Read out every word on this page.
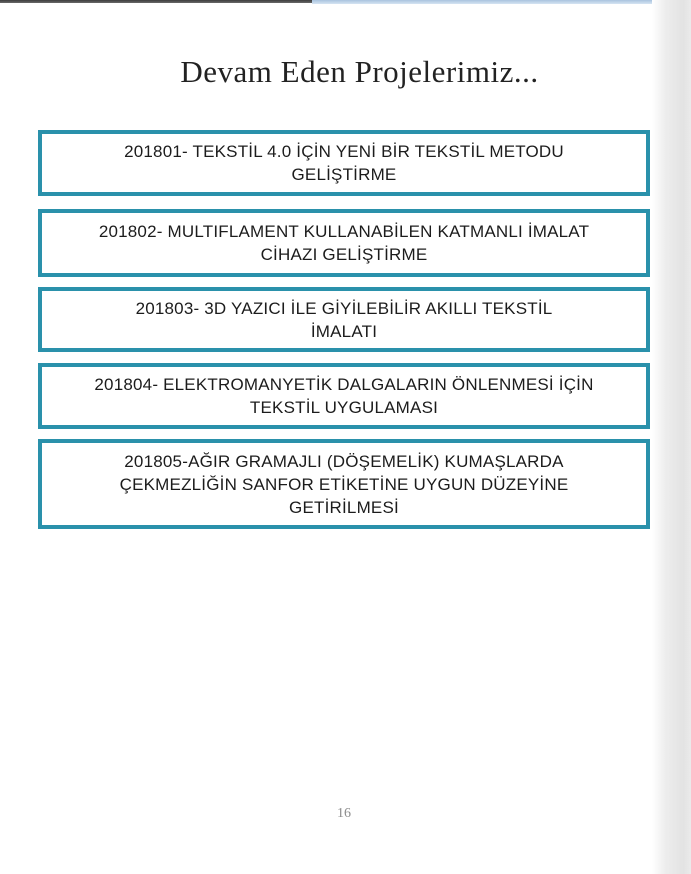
Devam Eden Projelerimiz...
201801- TEKSTİL 4.0 İÇİN YENİ BİR TEKSTİL METODU
GELİŞTİRME
201802- MULTIFLAMENT KULLANABİLEN KATMANLI İMALAT
CİHAZI GELİŞTİRME
201803- 3D YAZICI İLE GİYİLEBİLİR AKILLI TEKSTİL
İMALATI
201804- ELEKTROMANYETİK DALGALARIN ÖNLENMESİ İÇİN
TEKSTİL UYGULAMASI
201805-AĞIR GRAMAJLI (DÖŞEMELİK) KUMAŞLARDA
ÇEKMEZLİĞİN SANFOR ETİKETİNE UYGUN DÜZEYİNE
GETİRİLMESİ
16
